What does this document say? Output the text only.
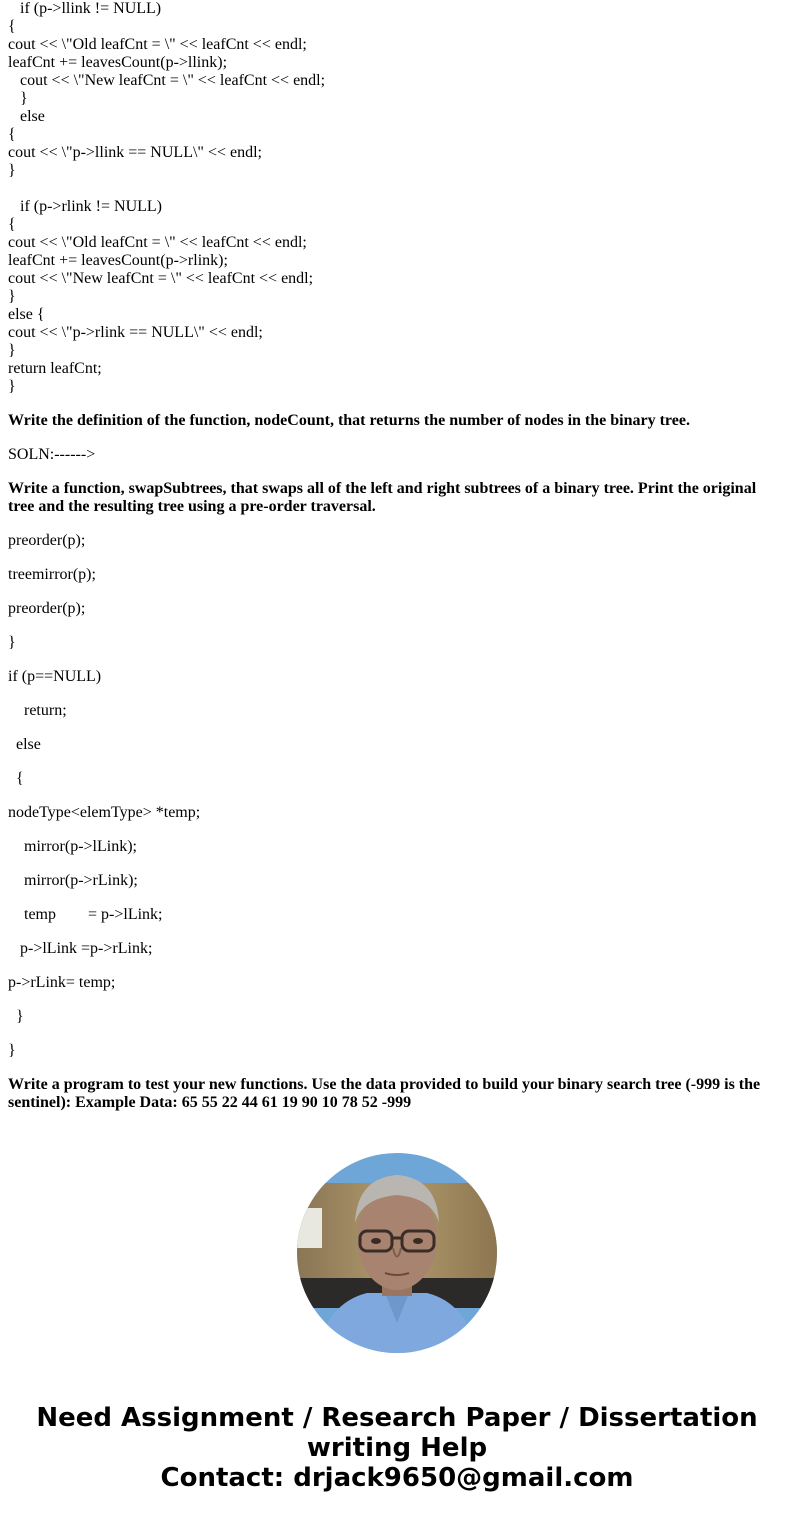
if (p->llink != NULL)
{
cout << \"Old leafCnt = \" << leafCnt << endl;
leafCnt += leavesCount(p->llink);
cout << \"New leafCnt = \" << leafCnt << endl;
}
else
{
cout << \"p->llink == NULL\" << endl;
}
if (p->rlink != NULL)
{
cout << \"Old leafCnt = \" << leafCnt << endl;
leafCnt += leavesCount(p->rlink);
cout << \"New leafCnt = \" << leafCnt << endl;
}
else {
cout << \"p->rlink == NULL\" << endl;
}
return leafCnt;
}

Write the definition of the function, nodeCount, that returns the number of nodes in the binary tree.

SOLN:------>

Write a function, swapSubtrees, that swaps all of the left and right subtrees of a binary tree. Print the original tree and the resulting tree using a pre-order traversal.

preorder(p);
treemirror(p);
preorder(p);
}
if (p==NULL)
return;
else
{
nodeType<elemType> *temp;
mirror(p->lLink);
mirror(p->rLink);
temp        = p->lLink;
p->lLink =p->rLink;
p->rLink= temp;
}
}

Write a program to test your new functions. Use the data provided to build your binary search tree (-999 is the sentinel): Example Data: 65 55 22 44 61 19 90 10 78 52 -999

Need Assignment / Research Paper / Dissertation
writing Help
Contact: drjack9650@gmail.com
